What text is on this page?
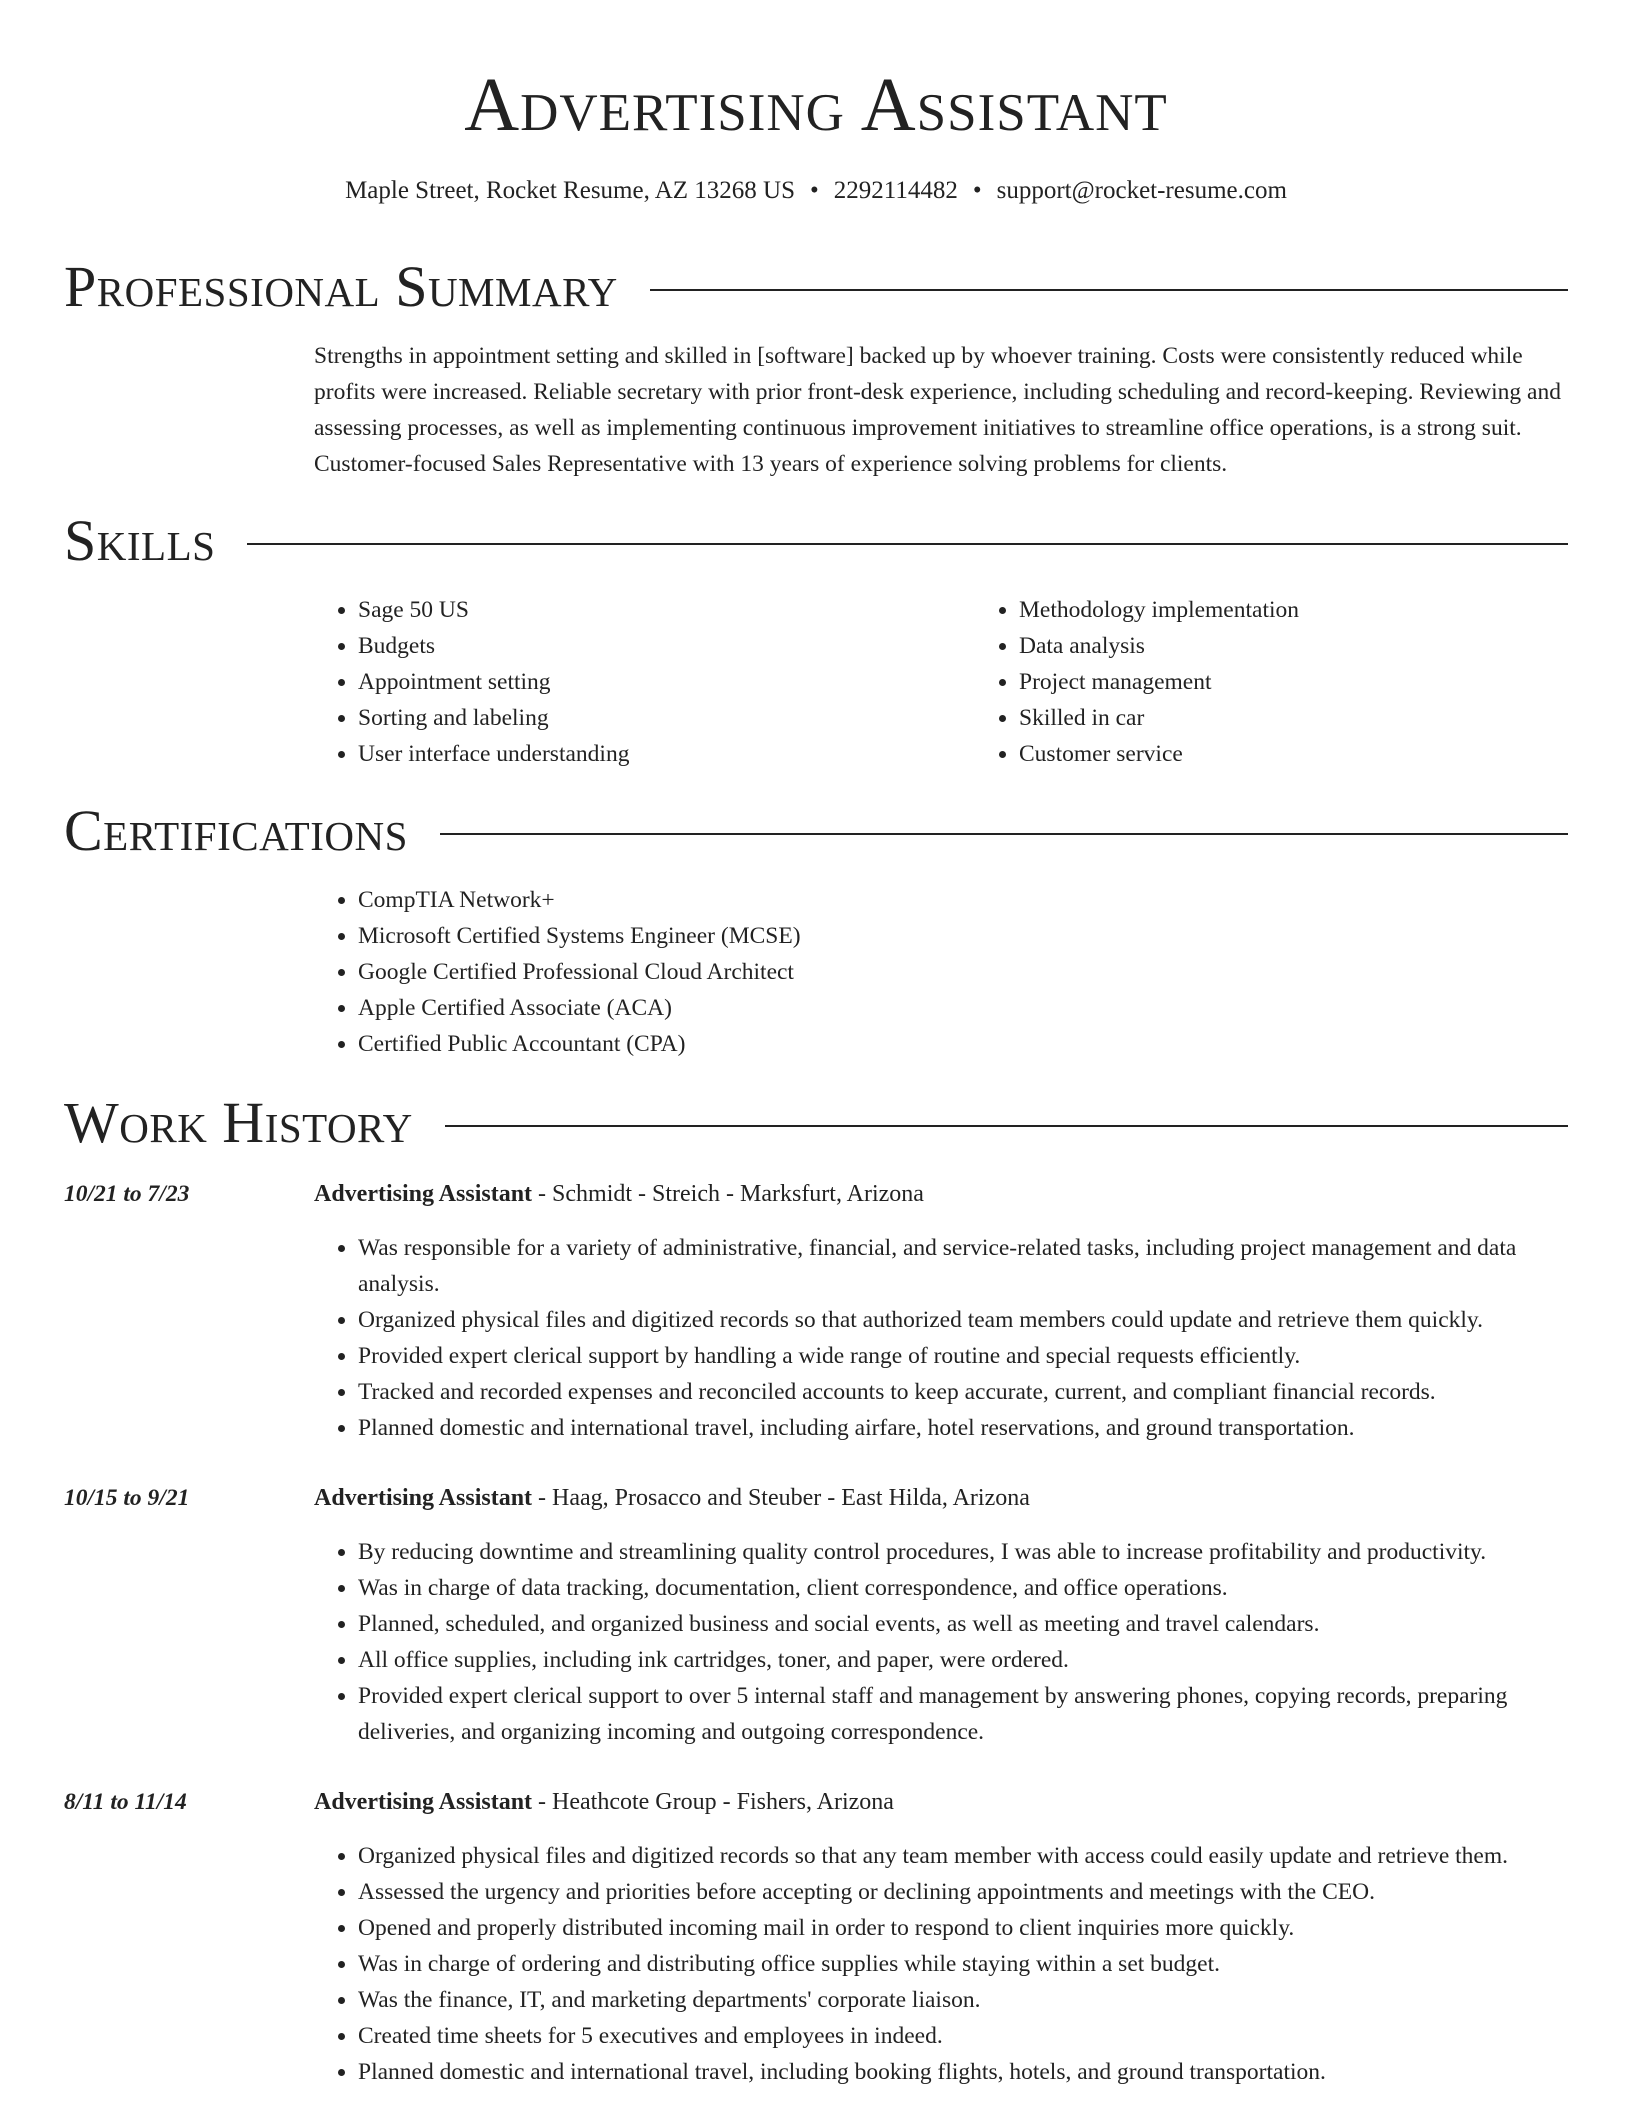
Advertising Assistant
Maple Street, Rocket Resume, AZ 13268 US • 2292114482 • support@rocket-resume.com
Professional Summary

Strengths in appointment setting and skilled in [software] backed up by whoever training. Costs were consistently reduced while profits were increased. Reliable secretary with prior front-desk experience, including scheduling and record-keeping. Reviewing and assessing processes, as well as implementing continuous improvement initiatives to streamline office operations, is a strong suit. Customer-focused Sales Representative with 13 years of experience solving problems for clients.

Skills
• Sage 50 US
• Budgets
• Appointment setting
• Sorting and labeling
• User interface understanding
• Methodology implementation
• Data analysis
• Project management
• Skilled in car
• Customer service
Certifications
• CompTIA Network+
• Microsoft Certified Systems Engineer (MCSE)
• Google Certified Professional Cloud Architect
• Apple Certified Associate (ACA)
• Certified Public Accountant (CPA)
Work History
10/21 to 7/23	Advertising Assistant - Schmidt - Streich - Marksfurt, Arizona
• Was responsible for a variety of administrative, financial, and service-related tasks, including project management and data analysis.
• Organized physical files and digitized records so that authorized team members could update and retrieve them quickly.
• Provided expert clerical support by handling a wide range of routine and special requests efficiently.
• Tracked and recorded expenses and reconciled accounts to keep accurate, current, and compliant financial records.
• Planned domestic and international travel, including airfare, hotel reservations, and ground transportation.
10/15 to 9/21	Advertising Assistant - Haag, Prosacco and Steuber - East Hilda, Arizona
• By reducing downtime and streamlining quality control procedures, I was able to increase profitability and productivity.
• Was in charge of data tracking, documentation, client correspondence, and office operations.
• Planned, scheduled, and organized business and social events, as well as meeting and travel calendars.
• All office supplies, including ink cartridges, toner, and paper, were ordered.
• Provided expert clerical support to over 5 internal staff and management by answering phones, copying records, preparing deliveries, and organizing incoming and outgoing correspondence.
8/11 to 11/14	Advertising Assistant - Heathcote Group - Fishers, Arizona
• Organized physical files and digitized records so that any team member with access could easily update and retrieve them.
• Assessed the urgency and priorities before accepting or declining appointments and meetings with the CEO.
• Opened and properly distributed incoming mail in order to respond to client inquiries more quickly.
• Was in charge of ordering and distributing office supplies while staying within a set budget.
• Was the finance, IT, and marketing departments' corporate liaison.
• Created time sheets for 5 executives and employees in indeed.
• Planned domestic and international travel, including booking flights, hotels, and ground transportation.
